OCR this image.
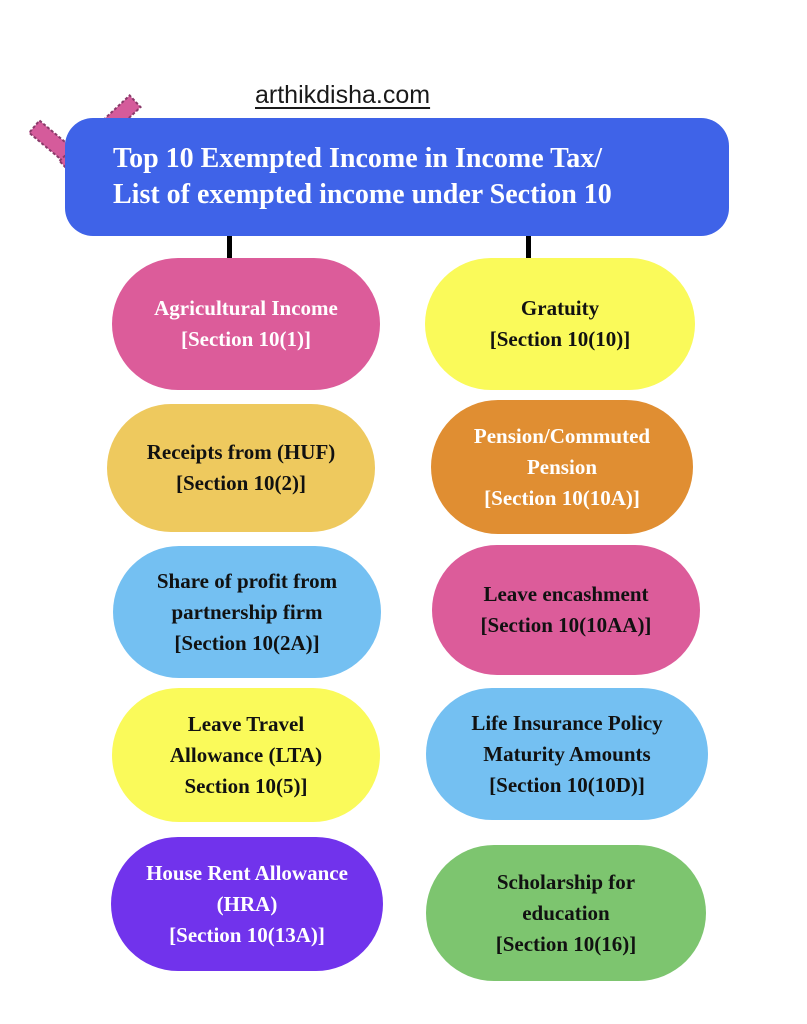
arthikdisha.com
Top 10 Exempted Income in Income Tax/
List of exempted income under Section 10
Agricultural Income
[Section 10(1)]
Gratuity
[Section 10(10)]
Receipts from (HUF)
[Section 10(2)]
Pension/Commuted
Pension
[Section 10(10A)]
Share of profit from
partnership firm
[Section 10(2A)]
Leave encashment
[Section 10(10AA)]
Leave Travel
Allowance (LTA)
Section 10(5)]
Life Insurance Policy
Maturity Amounts
[Section 10(10D)]
House Rent Allowance
(HRA)
[Section 10(13A)]
Scholarship for
education
[Section 10(16)]
